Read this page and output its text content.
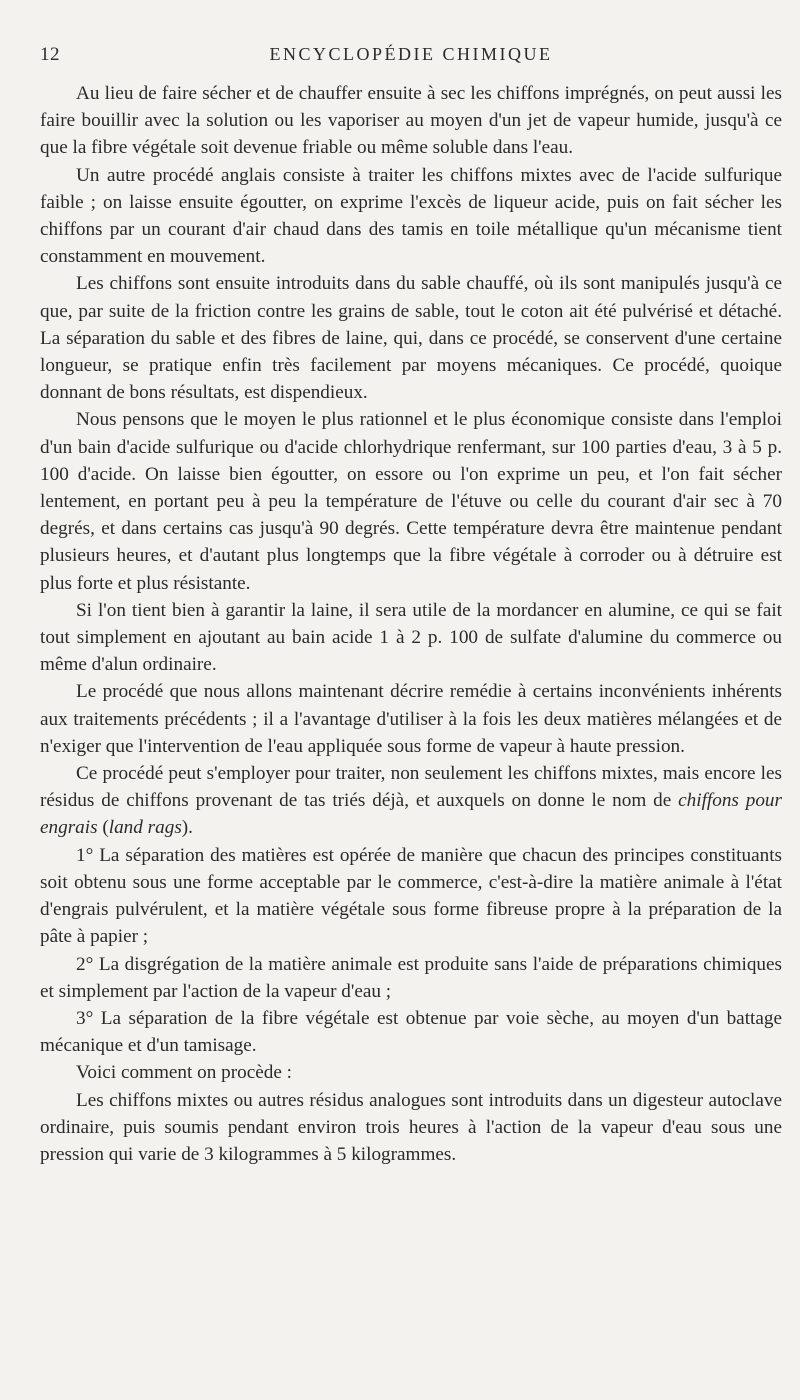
12	ENCYCLOPÉDIE CHIMIQUE

Au lieu de faire sécher et de chauffer ensuite à sec les chiffons imprégnés, on peut aussi les faire bouillir avec la solution ou les vaporiser au moyen d'un jet de vapeur humide, jusqu'à ce que la fibre végétale soit devenue friable ou même soluble dans l'eau.

Un autre procédé anglais consiste à traiter les chiffons mixtes avec de l'acide sulfurique faible ; on laisse ensuite égoutter, on exprime l'excès de liqueur acide, puis on fait sécher les chiffons par un courant d'air chaud dans des tamis en toile métallique qu'un mécanisme tient constamment en mouvement.

Les chiffons sont ensuite introduits dans du sable chauffé, où ils sont manipulés jusqu'à ce que, par suite de la friction contre les grains de sable, tout le coton ait été pulvérisé et détaché. La séparation du sable et des fibres de laine, qui, dans ce procédé, se conservent d'une certaine longueur, se pratique enfin très facilement par moyens mécaniques. Ce procédé, quoique donnant de bons résultats, est dispendieux.

Nous pensons que le moyen le plus rationnel et le plus économique consiste dans l'emploi d'un bain d'acide sulfurique ou d'acide chlorhydrique renfermant, sur 100 parties d'eau, 3 à 5 p. 100 d'acide. On laisse bien égoutter, on essore ou l'on exprime un peu, et l'on fait sécher lentement, en portant peu à peu la température de l'étuve ou celle du courant d'air sec à 70 degrés, et dans certains cas jusqu'à 90 degrés. Cette température devra être maintenue pendant plusieurs heures, et d'autant plus longtemps que la fibre végétale à corroder ou à détruire est plus forte et plus résistante.

Si l'on tient bien à garantir la laine, il sera utile de la mordancer en alumine, ce qui se fait tout simplement en ajoutant au bain acide 1 à 2 p. 100 de sulfate d'alumine du commerce ou même d'alun ordinaire.

Le procédé que nous allons maintenant décrire remédie à certains inconvénients inhérents aux traitements précédents ; il a l'avantage d'utiliser à la fois les deux matières mélangées et de n'exiger que l'intervention de l'eau appliquée sous forme de vapeur à haute pression.

Ce procédé peut s'employer pour traiter, non seulement les chiffons mixtes, mais encore les résidus de chiffons provenant de tas triés déjà, et auxquels on donne le nom de chiffons pour engrais (land rags).

1° La séparation des matières est opérée de manière que chacun des principes constituants soit obtenu sous une forme acceptable par le commerce, c'est-à-dire la matière animale à l'état d'engrais pulvérulent, et la matière végétale sous forme fibreuse propre à la préparation de la pâte à papier ;

2° La disgrégation de la matière animale est produite sans l'aide de préparations chimiques et simplement par l'action de la vapeur d'eau ;

3° La séparation de la fibre végétale est obtenue par voie sèche, au moyen d'un battage mécanique et d'un tamisage.

Voici comment on procède :

Les chiffons mixtes ou autres résidus analogues sont introduits dans un digesteur autoclave ordinaire, puis soumis pendant environ trois heures à l'action de la vapeur d'eau sous une pression qui varie de 3 kilogrammes à 5 kilogrammes.
